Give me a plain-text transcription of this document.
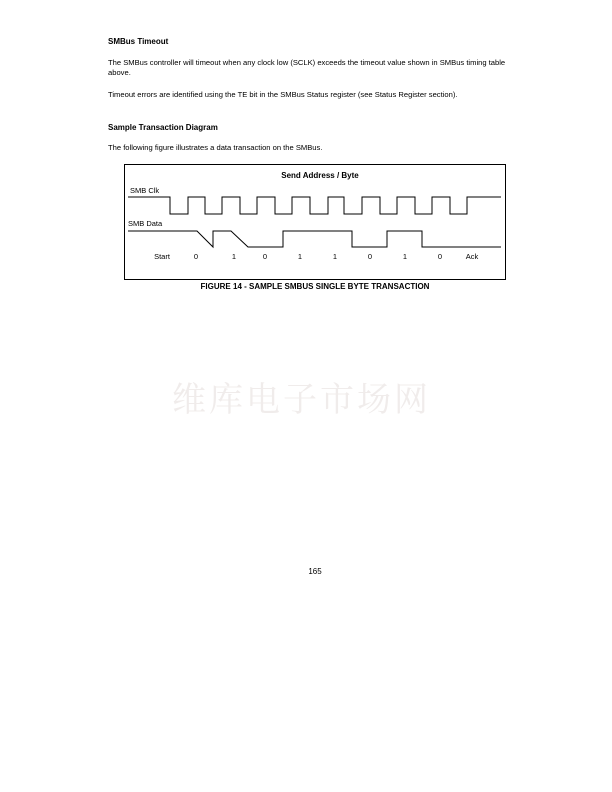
SMBus Timeout
The SMBus controller will timeout when any clock low (SCLK) exceeds the timeout value shown in SMBus timing table above.
Timeout errors are identified using the TE bit in the SMBus Status register (see Status Register section).
Sample Transaction Diagram
The following figure illustrates a data transaction on the SMBus.
Send Address / Byte
SMB Clk
SMB Data
Start	0	1	0	1	1	0	1	0	Ack
FIGURE 14 - SAMPLE SMBUS SINGLE BYTE TRANSACTION
维库电子市场网
165
